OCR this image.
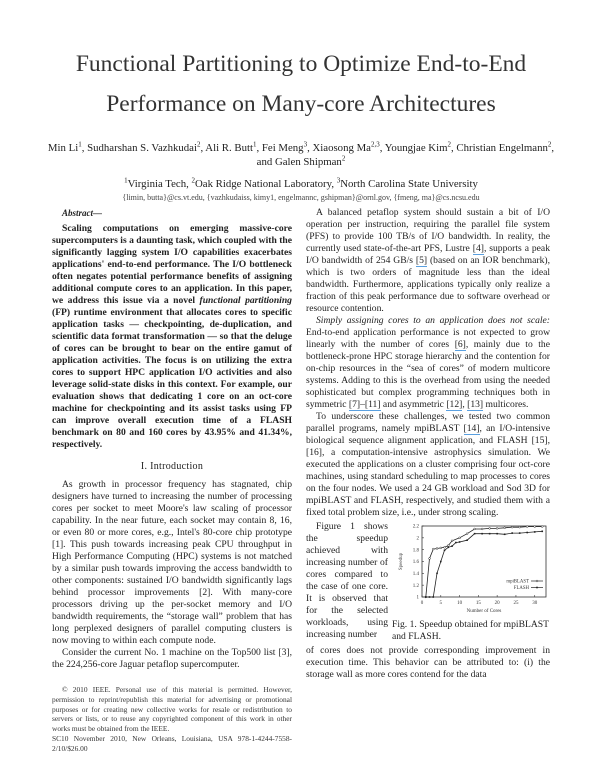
Functional Partitioning to Optimize End-to-End Performance on Many-core Architectures
Min Li$^1$, Sudharshan S. Vazhkudai$^2$, Ali R. Butt$^1$, Fei Meng$^3$, Xiaosong Ma$^{2,3}$, Youngjae Kim$^2$, Christian Engelmann$^2$, and Galen Shipman$^2$
$^1$Virginia Tech, $^2$Oak Ridge National Laboratory, $^3$North Carolina State University
{limin, butta}@cs.vt.edu, {vazhkudaiss, kimy1, engelmannc, gshipman}@ornl.gov, {fmeng, ma}@cs.ncsu.edu
Abstract—

Scaling computations on emerging massive-core supercomputers is a daunting task, which coupled with the significantly lagging system I/O capabilities exacerbates applications' end-to-end performance. The I/O bottleneck often negates potential performance benefits of assigning additional compute cores to an application. In this paper, we address this issue via a novel functional partitioning (FP) runtime environment that allocates cores to specific application tasks — checkpointing, de-duplication, and scientific data format transformation — so that the deluge of cores can be brought to bear on the entire gamut of application activities. The focus is on utilizing the extra cores to support HPC application I/O activities and also leverage solid-state disks in this context. For example, our evaluation shows that dedicating 1 core on an oct-core machine for checkpointing and its assist tasks using FP can improve overall execution time of a FLASH benchmark on 80 and 160 cores by 43.95% and 41.34%, respectively.

I. Introduction

As growth in processor frequency has stagnated, chip designers have turned to increasing the number of processing cores per socket to meet Moore's law scaling of processor capability. In the near future, each socket may contain 8, 16, or even 80 or more cores, e.g., Intel's 80-core chip prototype [1]. This push towards increasing peak CPU throughput in High Performance Computing (HPC) systems is not matched by a similar push towards improving the access bandwidth to other components: sustained I/O bandwidth significantly lags behind processor improvements [2]. With many-core processors driving up the per-socket memory and I/O bandwidth requirements, the “storage wall” problem that has long perplexed designers of parallel computing clusters is now moving to within each compute node.

Consider the current No. 1 machine on the Top500 list [3], the 224,256-core Jaguar petaflop supercomputer.

© 2010 IEEE. Personal use of this material is permitted. However, permission to reprint/republish this material for advertising or promotional purposes or for creating new collective works for resale or redistribution to servers or lists, or to reuse any copyrighted component of this work in other works must be obtained from the IEEE.

SC10 November 2010, New Orleans, Louisiana, USA 978-1-4244-7558-2/10/$26.00

A balanced petaflop system should sustain a bit of I/O operation per instruction, requiring the parallel file system (PFS) to provide 100 TB/s of I/O bandwidth. In reality, the currently used state-of-the-art PFS, Lustre [4], supports a peak I/O bandwidth of 254 GB/s [5] (based on an IOR benchmark), which is two orders of magnitude less than the ideal bandwidth. Furthermore, applications typically only realize a fraction of this peak performance due to software overhead or resource contention.

Simply assigning cores to an application does not scale: End-to-end application performance is not expected to grow linearly with the number of cores [6], mainly due to the bottleneck-prone HPC storage hierarchy and the contention for on-chip resources in the “sea of cores” of modern multicore systems. Adding to this is the overhead from using the needed sophisticated but complex programming techniques both in symmetric [7]–[11] and asymmetric [12], [13] multicores.

To underscore these challenges, we tested two common parallel programs, namely mpiBLAST [14], an I/O-intensive biological sequence alignment application, and FLASH [15], [16], a computation-intensive astrophysics simulation. We executed the applications on a cluster comprising four oct-core machines, using standard scheduling to map processes to cores on the four nodes. We used a 24 GB workload and Sod 3D for mpiBLAST and FLASH, respectively, and studied them with a fixed total problem size, i.e., under strong scaling.

Figure 1 shows the speedup achieved with increasing number of cores compared to the case of one core. It is observed that for the selected workloads, using increasing number

0	5	10	15	20	25	30
1
1.2
1.4
1.6
1.8
2
2.2
Number of Cores
Speedup
mpiBLAST
FLASH
Fig. 1. Speedup obtained for mpiBLAST and FLASH.

of cores does not provide corresponding improvement in execution time. This behavior can be attributed to: (i) the storage wall as more cores contend for the data
